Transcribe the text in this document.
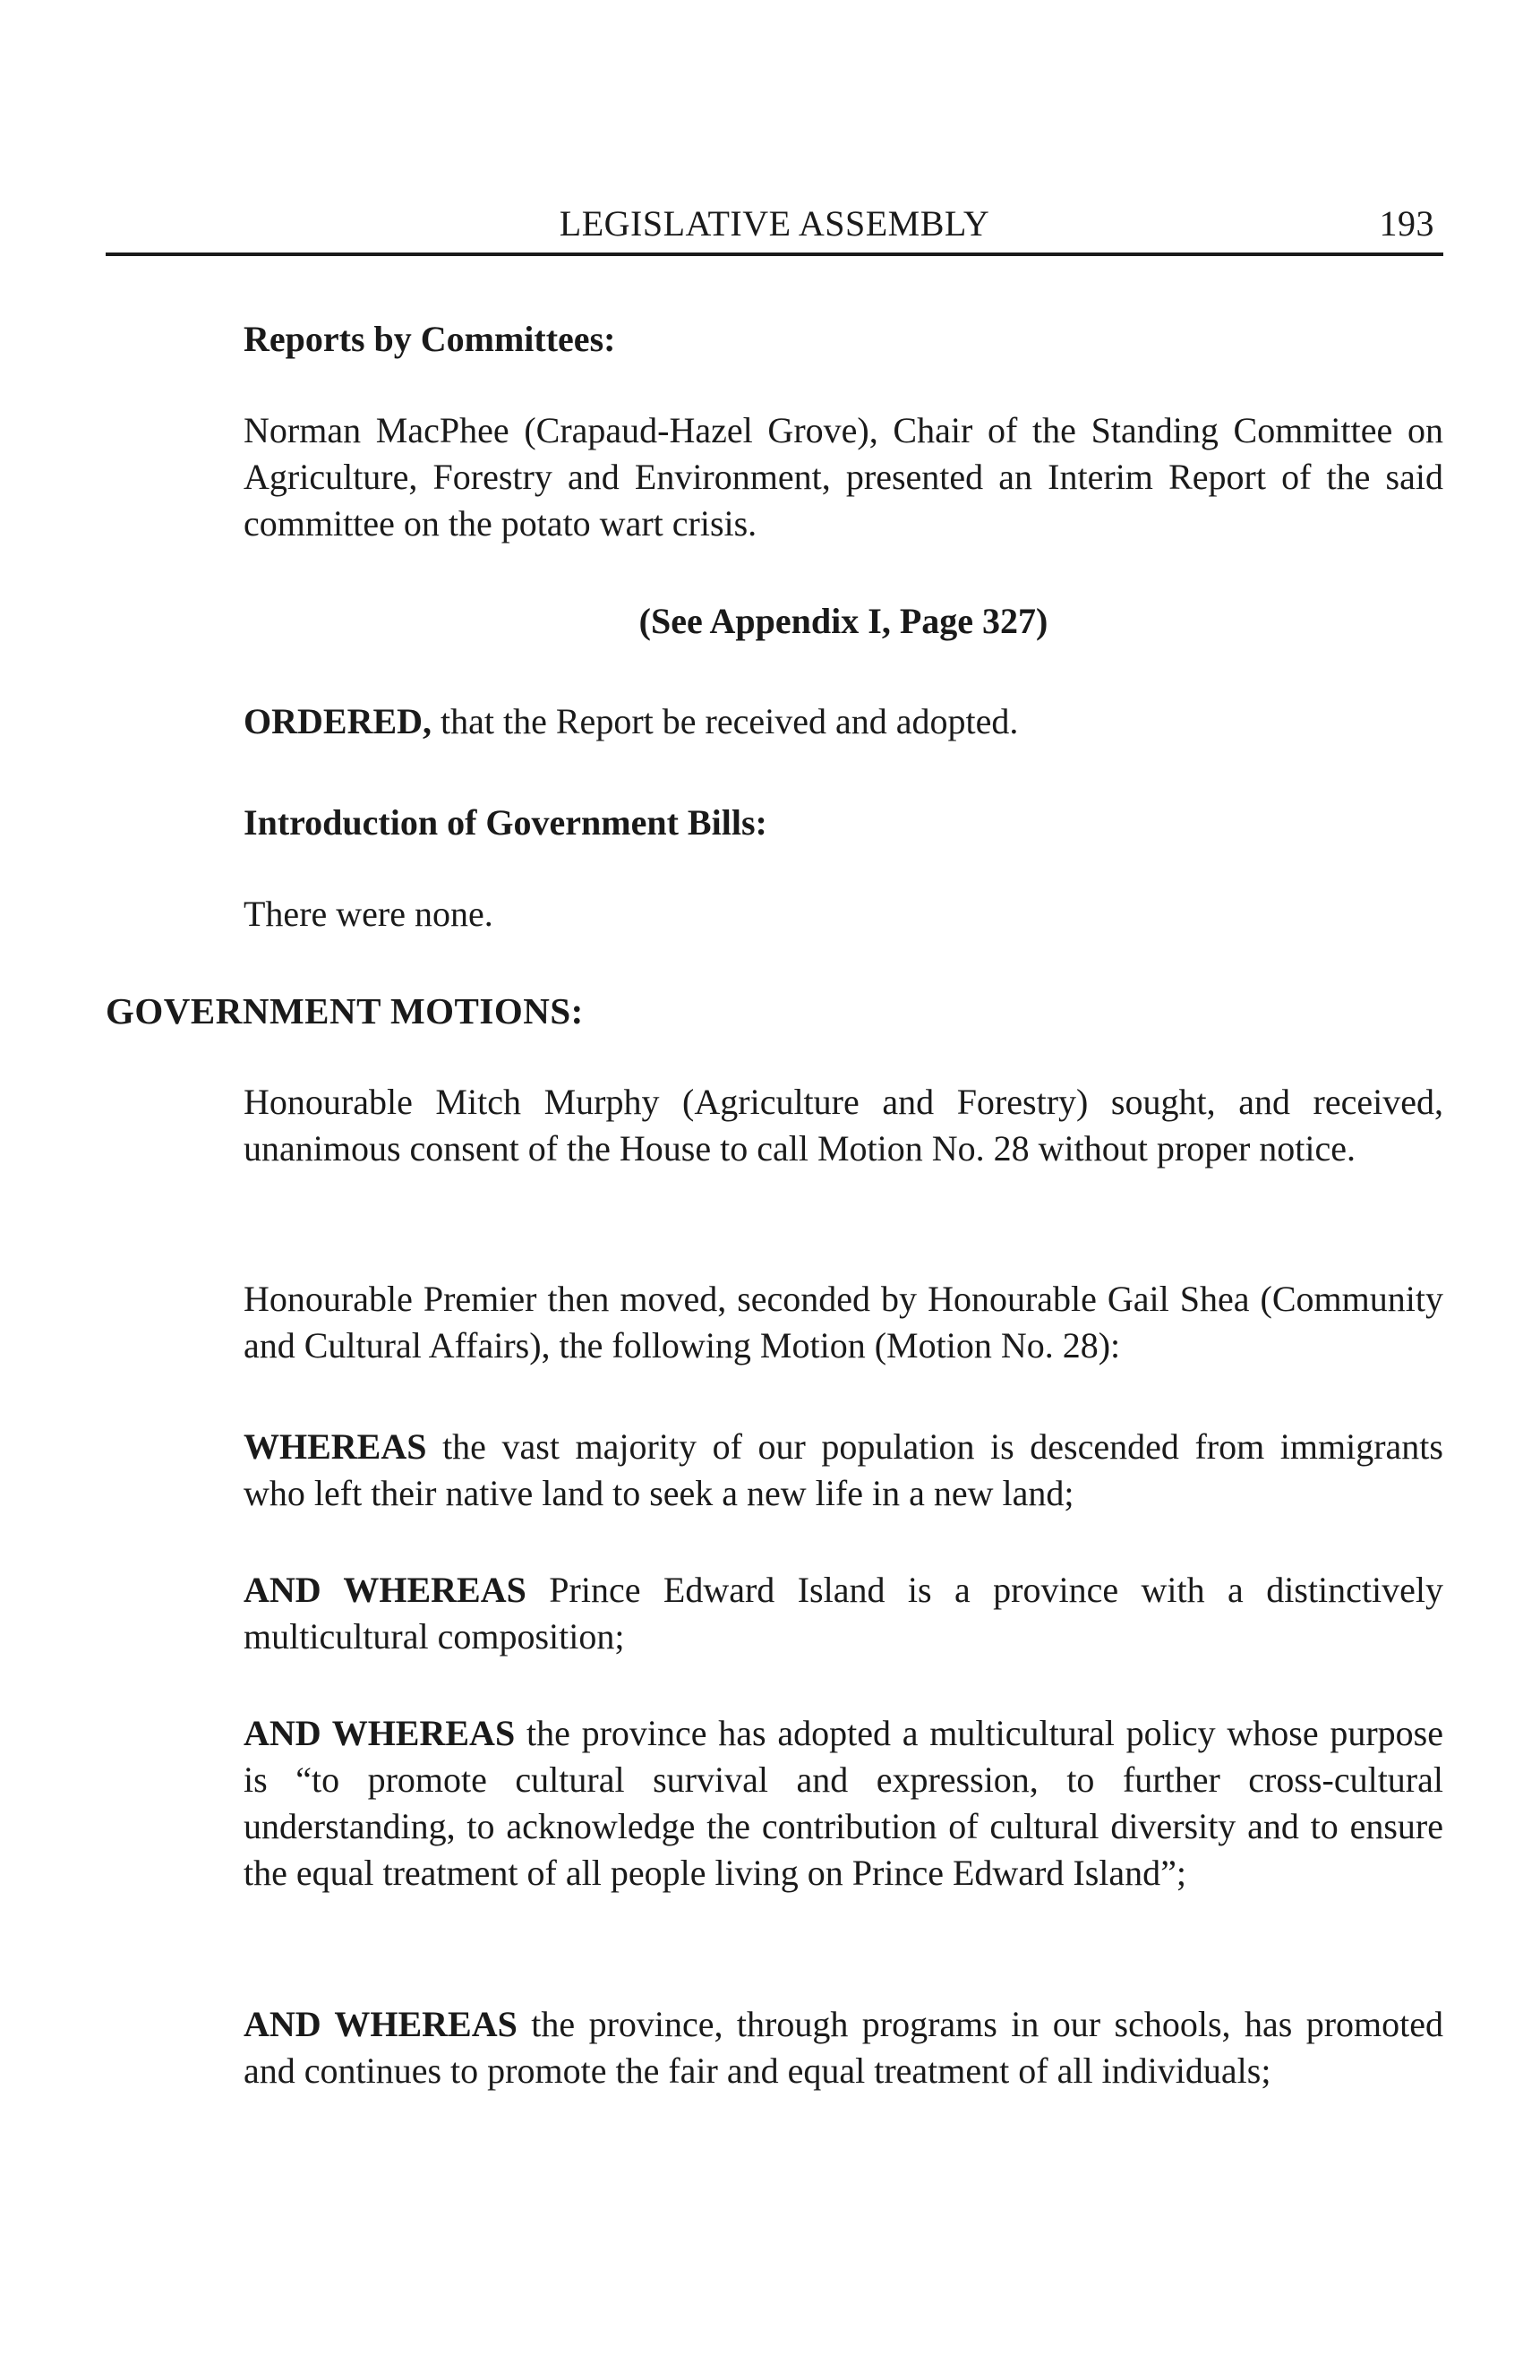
LEGISLATIVE ASSEMBLY	193
Reports by Committees:
Norman MacPhee (Crapaud-Hazel Grove), Chair of the Standing Committee on Agriculture, Forestry and Environment, presented an Interim Report of the said committee on the potato wart crisis.
(See Appendix I, Page 327)
ORDERED, that the Report be received and adopted.
Introduction of Government Bills:
There were none.
GOVERNMENT MOTIONS:
Honourable Mitch Murphy (Agriculture and Forestry) sought, and received, unanimous consent of the House to call Motion No. 28 without proper notice.
Honourable Premier then moved, seconded by Honourable Gail Shea (Community and Cultural Affairs), the following Motion (Motion No. 28):
WHEREAS the vast majority of our population is descended from immigrants who left their native land to seek a new life in a new land;
AND WHEREAS Prince Edward Island is a province with a distinctively multicultural composition;
AND WHEREAS the province has adopted a multicultural policy whose purpose is “to promote cultural survival and expression, to further cross-cultural understanding, to acknowledge the contribution of cultural diversity and to ensure the equal treatment of all people living on Prince Edward Island”;
AND WHEREAS the province, through programs in our schools, has promoted and continues to promote the fair and equal treatment of all individuals;
